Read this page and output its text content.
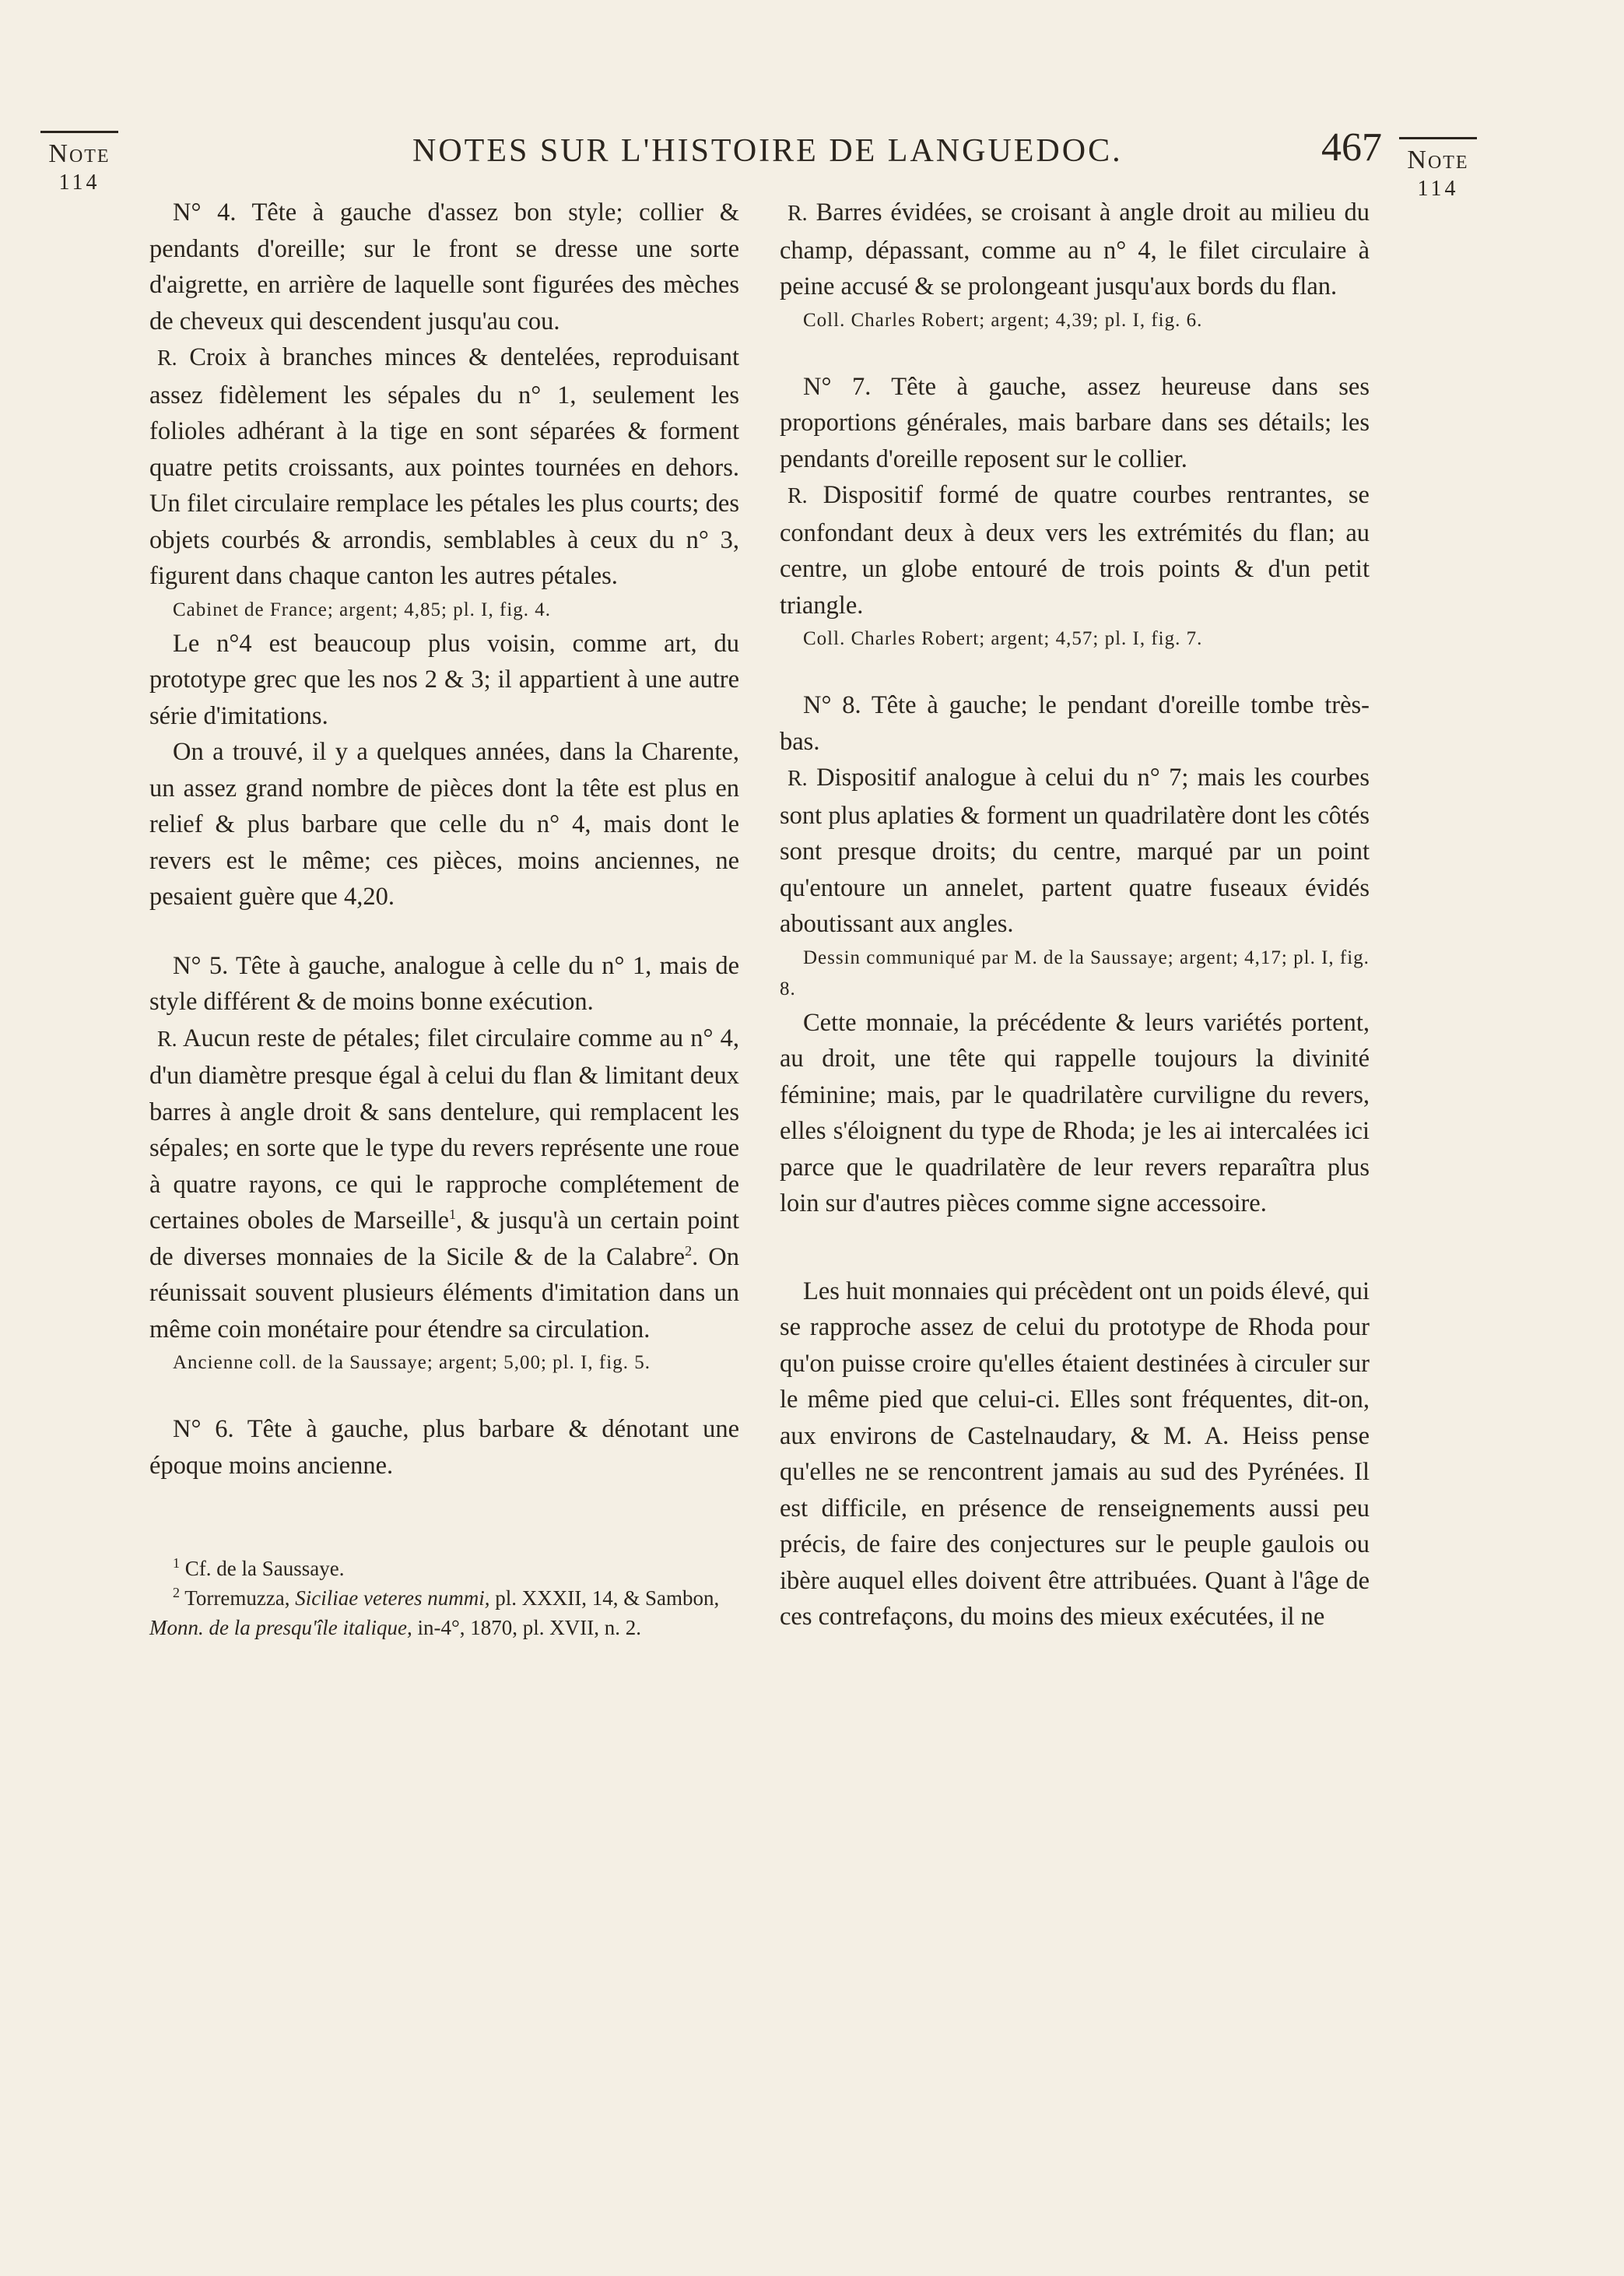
NOTES SUR L'HISTOIRE DE LANGUEDOC.	467
Note
114
Note
114

N° 4. Tête à gauche d'assez bon style; collier & pendants d'oreille; sur le front se dresse une sorte d'aigrette, en arrière de laquelle sont figurées des mèches de cheveux qui descendent jusqu'au cou.

R. Croix à branches minces & dentelées, reproduisant assez fidèlement les sépales du n° 1, seulement les folioles adhérant à la tige en sont séparées & forment quatre petits croissants, aux pointes tournées en dehors. Un filet circulaire remplace les pétales les plus courts; des objets courbés & arrondis, semblables à ceux du n° 3, figurent dans chaque canton les autres pétales.

Cabinet de France; argent; 4,85; pl. I, fig. 4.

Le n°4 est beaucoup plus voisin, comme art, du prototype grec que les nos 2 & 3; il appartient à une autre série d'imitations.

On a trouvé, il y a quelques années, dans la Charente, un assez grand nombre de pièces dont la tête est plus en relief & plus barbare que celle du n° 4, mais dont le revers est le même; ces pièces, moins anciennes, ne pesaient guère que 4,20.

N° 5. Tête à gauche, analogue à celle du n° 1, mais de style différent & de moins bonne exécution.

R. Aucun reste de pétales; filet circulaire comme au n° 4, d'un diamètre presque égal à celui du flan & limitant deux barres à angle droit & sans dentelure, qui remplacent les sépales; en sorte que le type du revers représente une roue à quatre rayons, ce qui le rapproche complétement de certaines oboles de Marseille$^1$, & jusqu'à un certain point de diverses monnaies de la Sicile & de la Calabre$^2$. On réunissait souvent plusieurs éléments d'imitation dans un même coin monétaire pour étendre sa circulation.

Ancienne coll. de la Saussaye; argent; 5,00; pl. I, fig. 5.

N° 6. Tête à gauche, plus barbare & dénotant une époque moins ancienne.

$^1$ Cf. de la Saussaye.

$^2$ Torremuzza, Siciliae veteres nummi, pl. XXXII, 14, & Sambon, Monn. de la presqu'île italique, in-4°, 1870, pl. XVII, n. 2.

R. Barres évidées, se croisant à angle droit au milieu du champ, dépassant, comme au n° 4, le filet circulaire à peine accusé & se prolongeant jusqu'aux bords du flan.

Coll. Charles Robert; argent; 4,39; pl. I, fig. 6.

N° 7. Tête à gauche, assez heureuse dans ses proportions générales, mais barbare dans ses détails; les pendants d'oreille reposent sur le collier.

R. Dispositif formé de quatre courbes rentrantes, se confondant deux à deux vers les extrémités du flan; au centre, un globe entouré de trois points & d'un petit triangle.

Coll. Charles Robert; argent; 4,57; pl. I, fig. 7.

N° 8. Tête à gauche; le pendant d'oreille tombe très-bas.

R. Dispositif analogue à celui du n° 7; mais les courbes sont plus aplaties & forment un quadrilatère dont les côtés sont presque droits; du centre, marqué par un point qu'entoure un annelet, partent quatre fuseaux évidés aboutissant aux angles.

Dessin communiqué par M. de la Saussaye; argent; 4,17; pl. I, fig. 8.

Cette monnaie, la précédente & leurs variétés portent, au droit, une tête qui rappelle toujours la divinité féminine; mais, par le quadrilatère curviligne du revers, elles s'éloignent du type de Rhoda; je les ai intercalées ici parce que le quadrilatère de leur revers reparaîtra plus loin sur d'autres pièces comme signe accessoire.

Les huit monnaies qui précèdent ont un poids élevé, qui se rapproche assez de celui du prototype de Rhoda pour qu'on puisse croire qu'elles étaient destinées à circuler sur le même pied que celui-ci. Elles sont fréquentes, dit-on, aux environs de Castelnaudary, & M. A. Heiss pense qu'elles ne se rencontrent jamais au sud des Pyrénées. Il est difficile, en présence de renseignements aussi peu précis, de faire des conjectures sur le peuple gaulois ou ibère auquel elles doivent être attribuées. Quant à l'âge de ces contrefaçons, du moins des mieux exécutées, il ne
